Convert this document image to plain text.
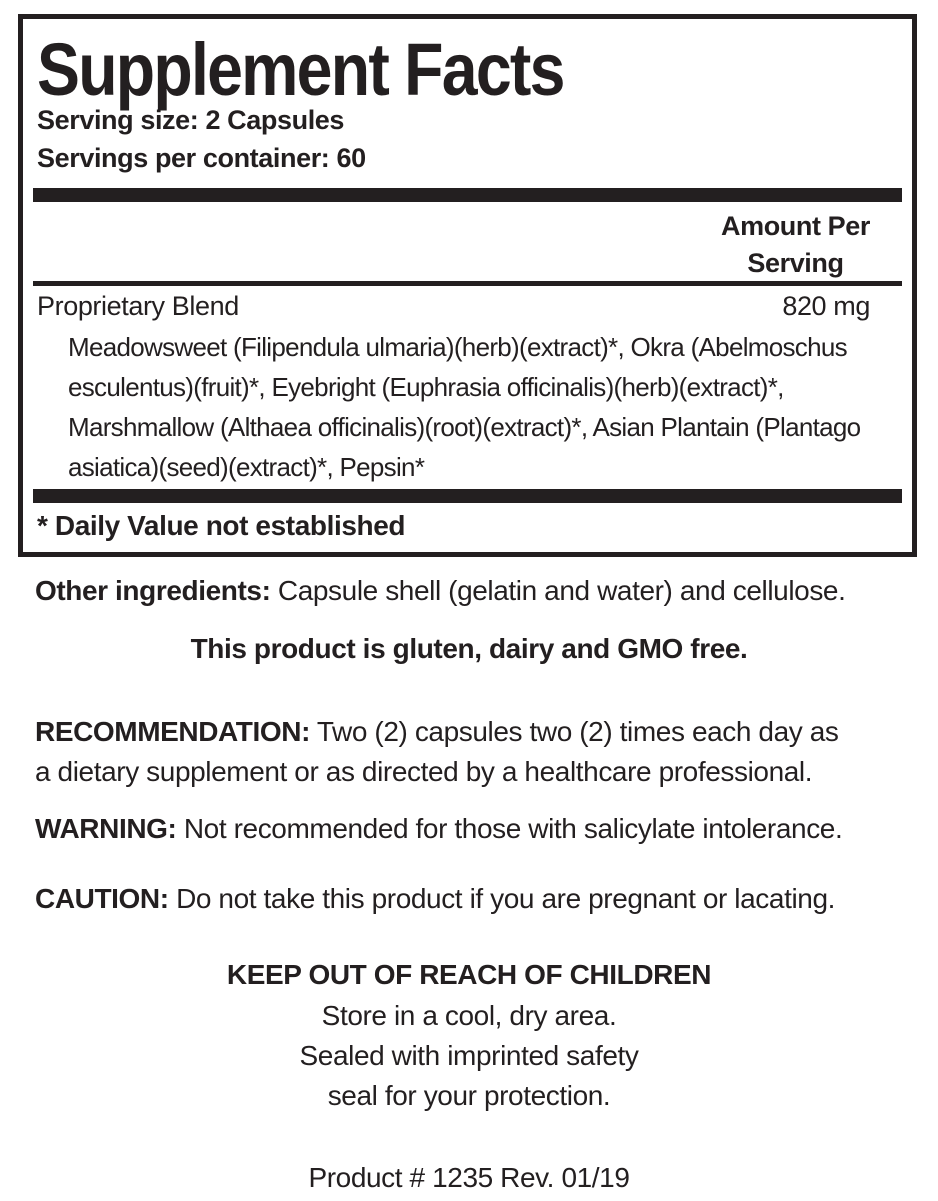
Supplement Facts
Serving size: 2 Capsules
Servings per container: 60
Amount Per
Serving
Proprietary Blend	820 mg

Meadowsweet (Filipendula ulmaria)(herb)(extract)*, Okra (Abelmoschus esculentus)(fruit)*, Eyebright (Euphrasia officinalis)(herb)(extract)*, Marshmallow (Althaea officinalis)(root)(extract)*, Asian Plantain (Plantago asiatica)(seed)(extract)*, Pepsin*

* Daily Value not established

Other ingredients: Capsule shell (gelatin and water) and cellulose.

This product is gluten, dairy and GMO free.

RECOMMENDATION: Two (2) capsules two (2) times each day as a dietary supplement or as directed by a healthcare professional.

WARNING: Not recommended for those with salicylate intolerance.

CAUTION: Do not take this product if you are pregnant or lacating.

KEEP OUT OF REACH OF CHILDREN

Store in a cool, dry area.
Sealed with imprinted safety
seal for your protection.

Product # 1235 Rev. 01/19
